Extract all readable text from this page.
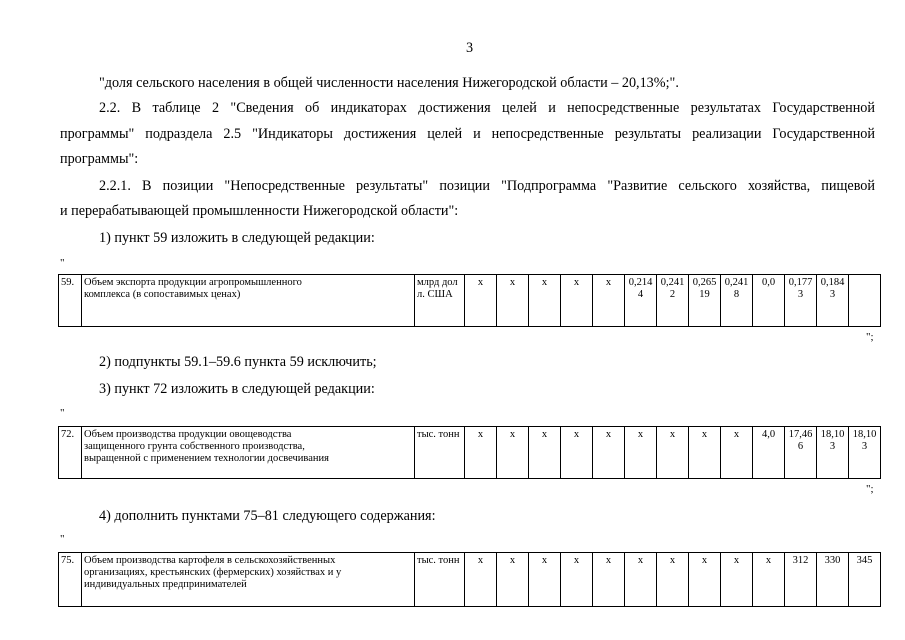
3
"доля сельского населения в общей численности населения Нижегородской области – 20,13%;".
2.2. В таблице 2 "Сведения об индикаторах достижения целей и непосредственные результатах Государственной
программы" подраздела 2.5 "Индикаторы достижения целей и непосредственные результаты реализации Государственной
программы":
2.2.1. В позиции "Непосредственные результаты" позиции "Подпрограмма "Развитие сельского хозяйства, пищевой
и перерабатывающей промышленности Нижегородской области":
1) пункт 59 изложить в следующей редакции:
"
59.	Объем экспорта продукции агропромышленного
комплекса (в сопоставимых ценах)
	млрд долл. США	х	х	х	х	х	0,2144	0,2412	0,26519	0,2418	0,0	0,1773	0,1843	
";
2) подпункты 59.1–59.6 пункта 59 исключить;
3) пункт 72 изложить в следующей редакции:
"
72.	Объем производства продукции овощеводства
защищенного грунта собственного производства,
выращенной с применением технологии досвечивания
	тыс. тонн	х	х	х	х	х	х	х	х	х	4,0	17,466	18,103	18,103
";
4) дополнить пунктами 75–81 следующего содержания:
"
75.	Объем производства картофеля в сельскохозяйственных
организациях, крестьянских (фермерских) хозяйствах и у
индивидуальных предпринимателей
	тыс. тонн	х	х	х	х	х	х	х	х	х	х	312	330	345
